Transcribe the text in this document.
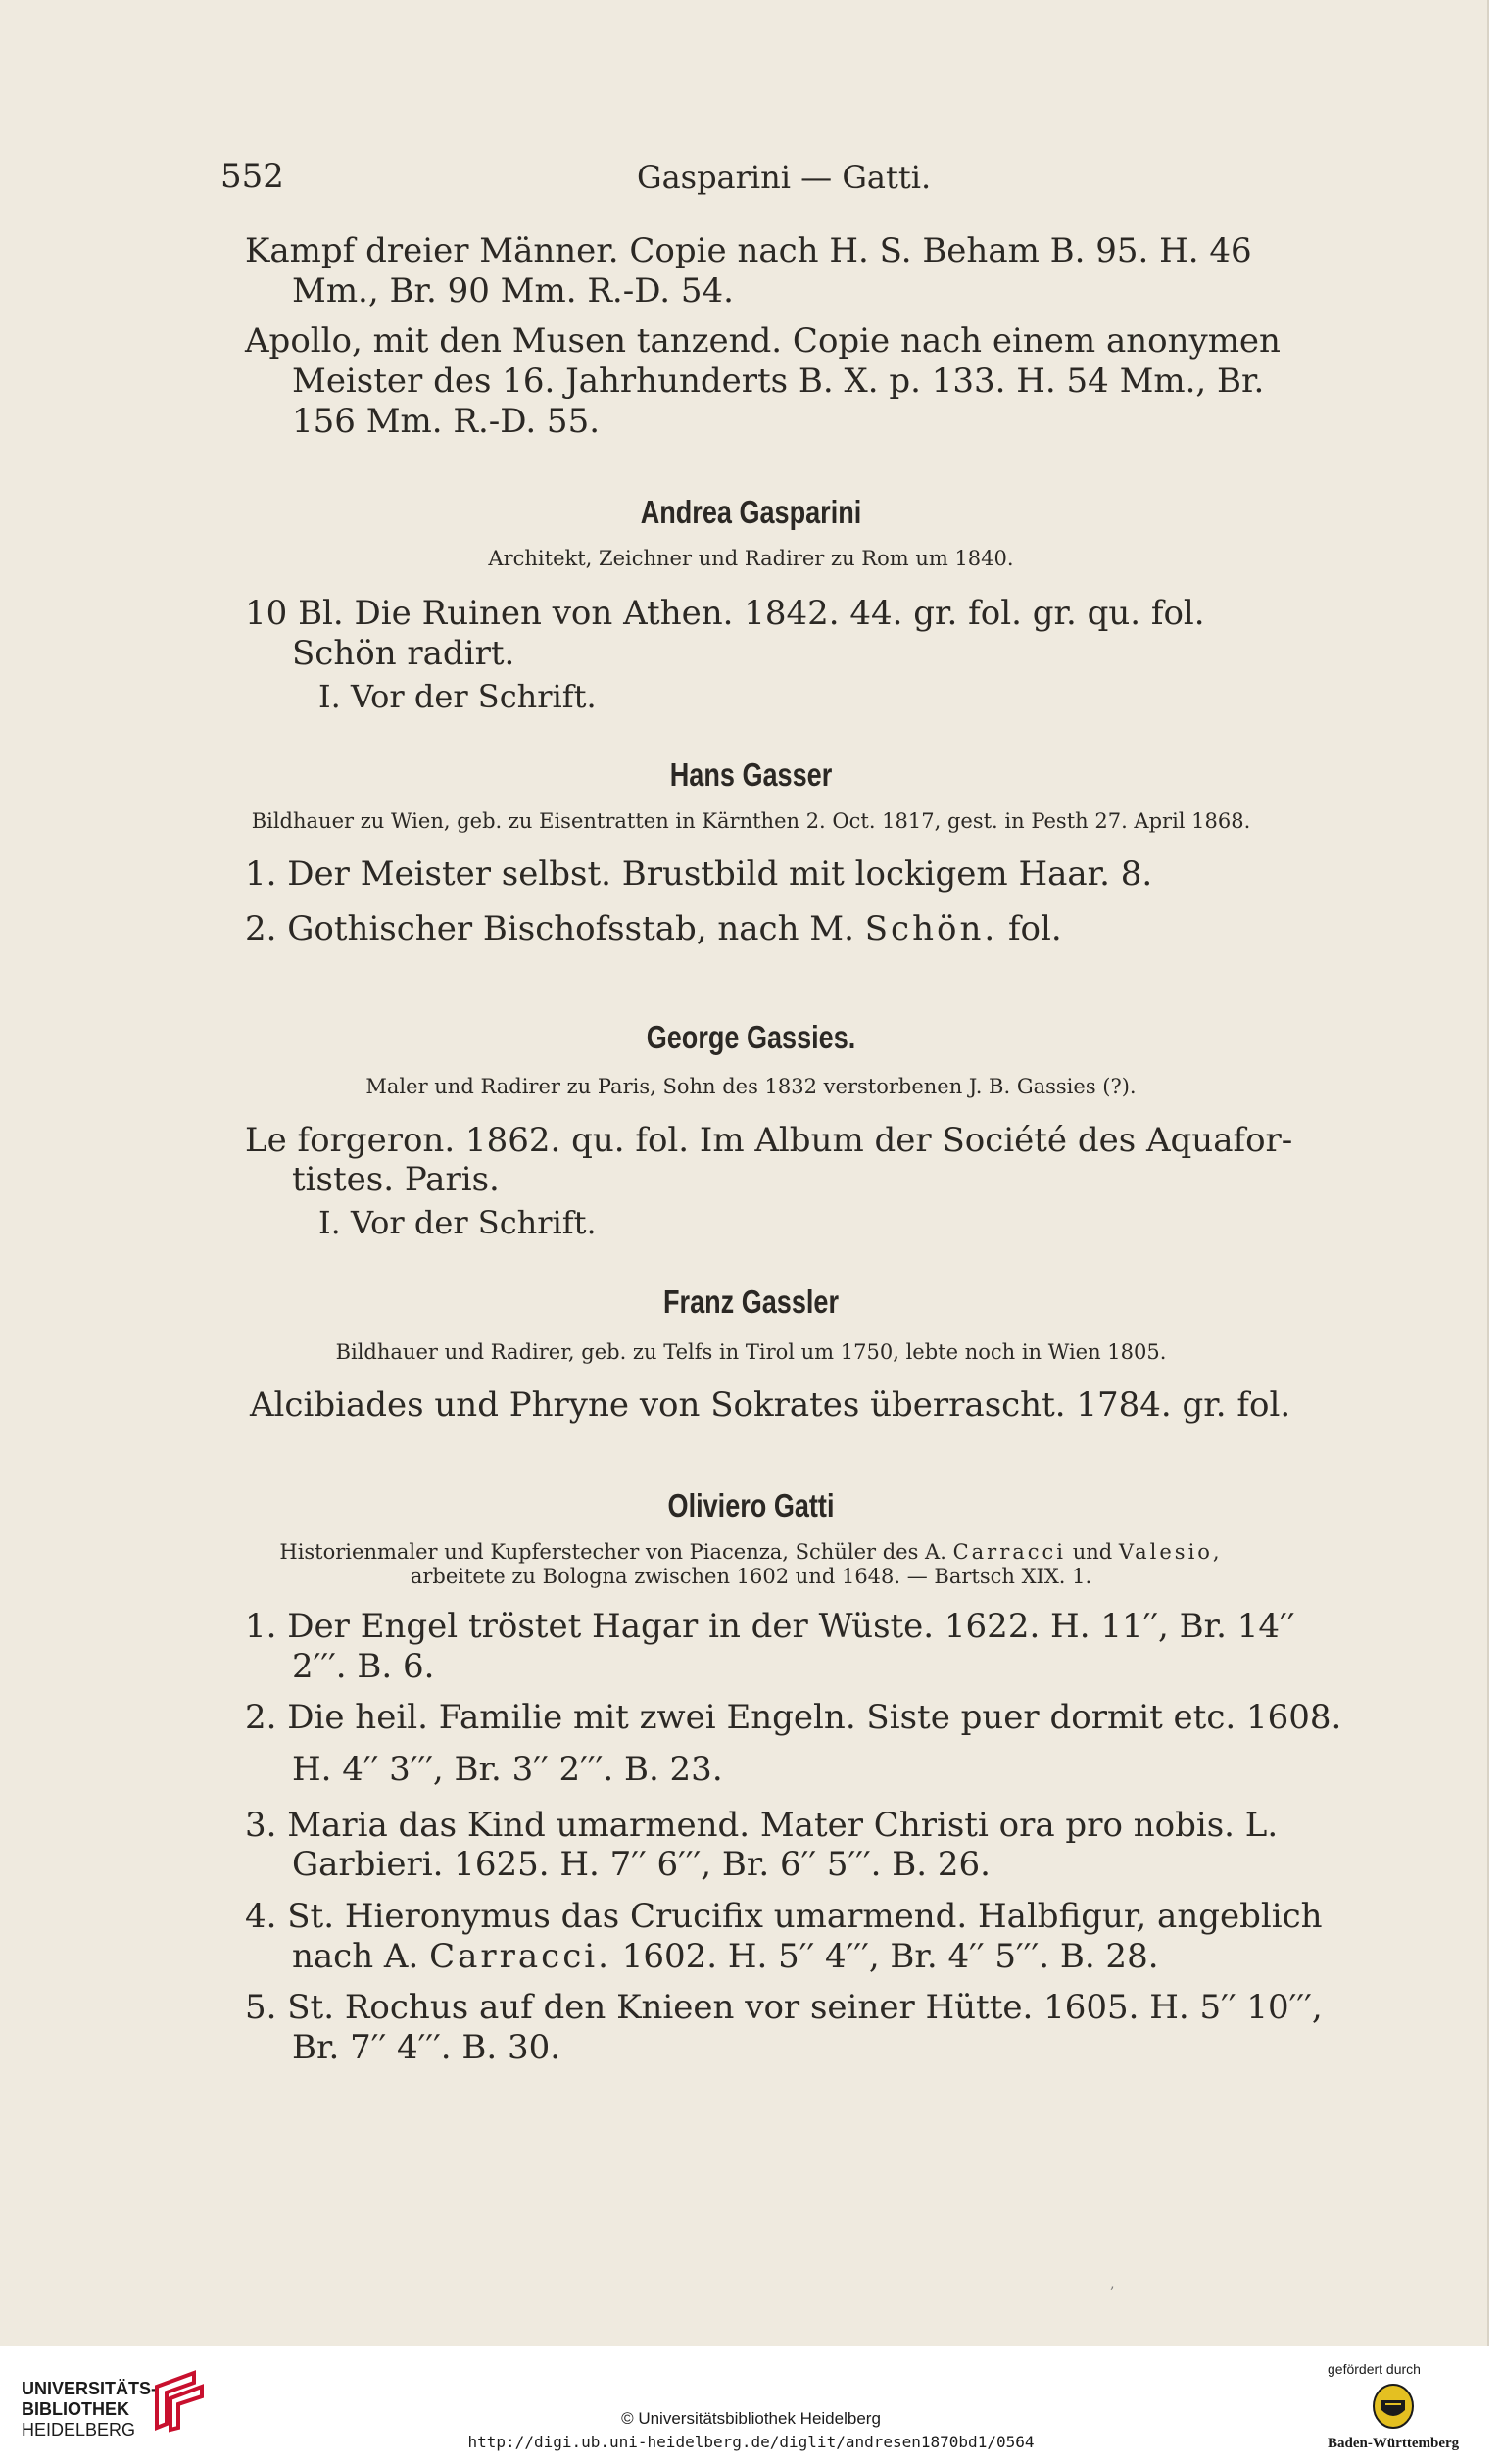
552	Gasparini — Gatti.
Kampf dreier Männer. Copie nach H. S. Beham B. 95. H. 46
Mm., Br. 90 Mm. R.-D. 54.
Apollo, mit den Musen tanzend. Copie nach einem anonymen
Meister des 16. Jahrhunderts B. X. p. 133. H. 54 Mm., Br.
156 Mm. R.-D. 55.
Andrea Gasparini
Architekt, Zeichner und Radirer zu Rom um 1840.
10 Bl. Die Ruinen von Athen. 1842. 44. gr. fol. gr. qu. fol.
Schön radirt.
I. Vor der Schrift.
Hans Gasser
Bildhauer zu Wien, geb. zu Eisentratten in Kärnthen 2. Oct. 1817, gest. in Pesth 27. April 1868.
1. Der Meister selbst. Brustbild mit lockigem Haar. 8.
2. Gothischer Bischofsstab, nach M. Schön. fol.
George Gassies.
Maler und Radirer zu Paris, Sohn des 1832 verstorbenen J. B. Gassies (?).
Le forgeron. 1862. qu. fol. Im Album der Société des Aquafor-
tistes. Paris.
I. Vor der Schrift.
Franz Gassler
Bildhauer und Radirer, geb. zu Telfs in Tirol um 1750, lebte noch in Wien 1805.
Alcibiades und Phryne von Sokrates überrascht. 1784. gr. fol.
Oliviero Gatti
Historienmaler und Kupferstecher von Piacenza, Schüler des A. Carracci und Valesio,
arbeitete zu Bologna zwischen 1602 und 1648. — Bartsch XIX. 1.
1. Der Engel tröstet Hagar in der Wüste. 1622. H. 11′′, Br. 14′′
2′′′. B. 6.
2. Die heil. Familie mit zwei Engeln. Siste puer dormit etc. 1608.
H. 4′′ 3′′′, Br. 3′′ 2′′′. B. 23.
3. Maria das Kind umarmend. Mater Christi ora pro nobis. L.
Garbieri. 1625. H. 7′′ 6′′′, Br. 6′′ 5′′′. B. 26.
4. St. Hieronymus das Crucifix umarmend. Halbfigur, angeblich
nach A. Carracci. 1602. H. 5′′ 4′′′, Br. 4′′ 5′′′. B. 28.
5. St. Rochus auf den Knieen vor seiner Hütte. 1605. H. 5′′ 10′′′,
Br. 7′′ 4′′′. B. 30.
‚
UNIVERSITÄTS-
BIBLIOTHEK
HEIDELBERG
© Universitätsbibliothek Heidelberg
http://digi.ub.uni-heidelberg.de/diglit/andresen1870bd1/0564
gefördert durch
Baden-Württemberg
